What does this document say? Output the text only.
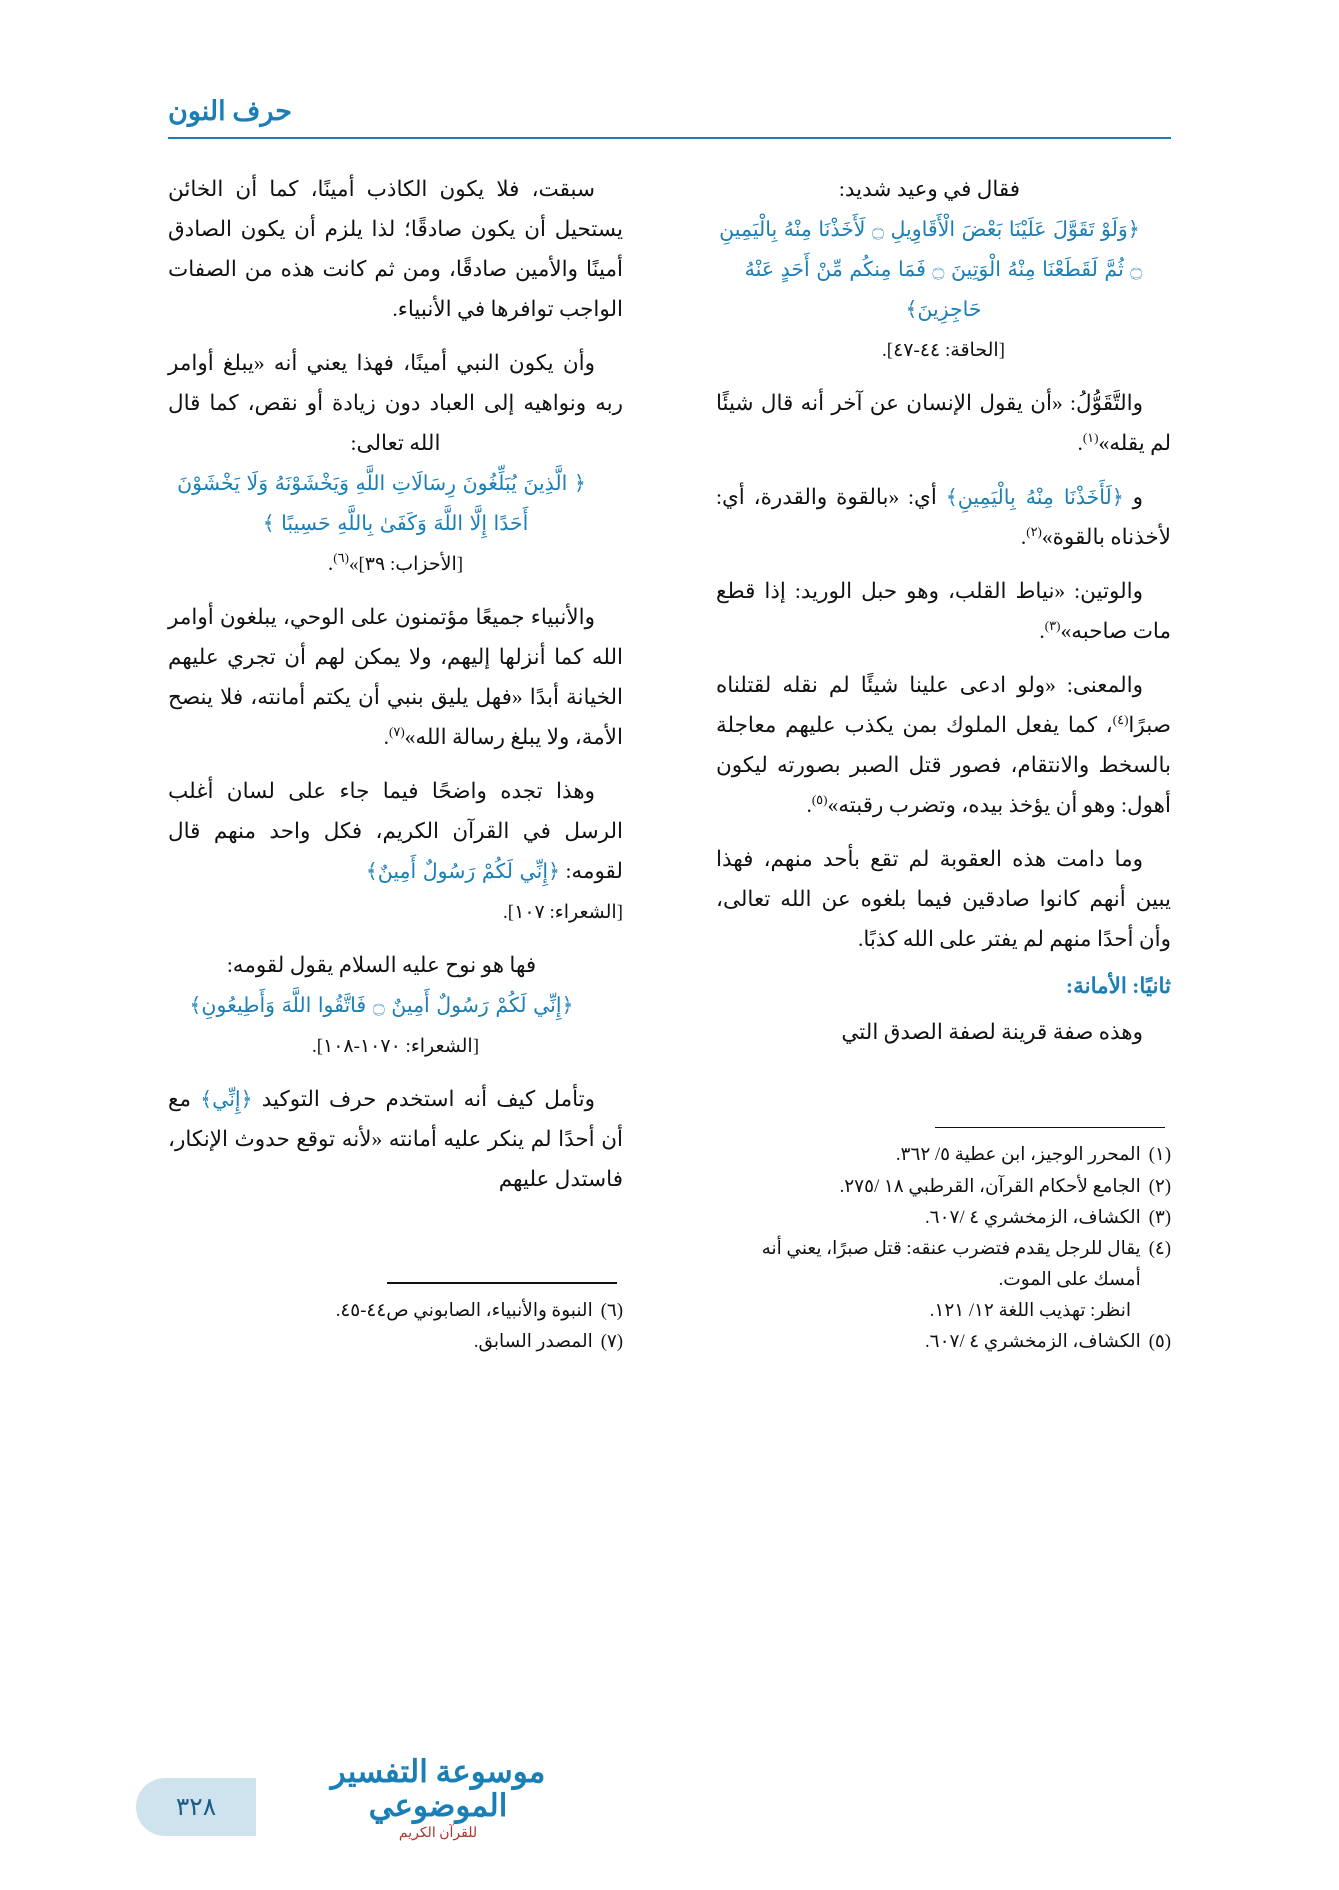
حرف النون

فقال في وعيد شديد:
﴿وَلَوْ تَقَوَّلَ عَلَيْنَا بَعْضَ الْأَقَاوِيلِ ۝ لَأَخَذْنَا مِنْهُ بِالْيَمِينِ ۝ ثُمَّ لَقَطَعْنَا مِنْهُ الْوَتِينَ ۝ فَمَا مِنكُم مِّنْ أَحَدٍ عَنْهُ حَاجِزِينَ﴾
[الحاقة: ٤٤-٤٧].

والتَّقَوُّلُ: «أن يقول الإنسان عن آخر أنه قال شيئًا لم يقله»$^{(١)}$.

و ﴿لَأَخَذْنَا مِنْهُ بِالْيَمِينِ﴾ أي: «بالقوة والقدرة، أي: لأخذناه بالقوة»$^{(٢)}$.

والوتين: «نياط القلب، وهو حبل الوريد: إذا قطع مات صاحبه»$^{(٣)}$.

والمعنى: «ولو ادعى علينا شيئًا لم نقله لقتلناه صبرًا$^{(٤)}$، كما يفعل الملوك بمن يكذب عليهم معاجلة بالسخط والانتقام، فصور قتل الصبر بصورته ليكون أهول: وهو أن يؤخذ بيده، وتضرب رقبته»$^{(٥)}$.

وما دامت هذه العقوبة لم تقع بأحد منهم، فهذا يبين أنهم كانوا صادقين فيما بلغوه عن الله تعالى، وأن أحدًا منهم لم يفتر على الله كذبًا.

ثانيًا: الأمانة:

وهذه صفة قرينة لصفة الصدق التي

(١)
المحرر الوجيز، ابن عطية ٥/ ٣٦٢.

(٢)
الجامع لأحكام القرآن، القرطبي ١٨ /٢٧٥.

(٣)
الكشاف، الزمخشري ٤ /٦٠٧.

(٤)
يقال للرجل يقدم فتضرب عنقه: قتل صبرًا، يعني أنه أمسك على الموت.

انظر: تهذيب اللغة ١٢/ ١٢١.

(٥)
الكشاف، الزمخشري ٤ /٦٠٧.

سبقت، فلا يكون الكاذب أمينًا، كما أن الخائن يستحيل أن يكون صادقًا؛ لذا يلزم أن يكون الصادق أمينًا والأمين صادقًا، ومن ثم كانت هذه من الصفات الواجب توافرها في الأنبياء.

وأن يكون النبي أمينًا، فهذا يعني أنه «يبلغ أوامر ربه ونواهيه إلى العباد دون زيادة أو نقص، كما قال الله تعالى:
﴿ الَّذِينَ يُبَلِّغُونَ رِسَالَاتِ اللَّهِ وَيَخْشَوْنَهُ وَلَا يَخْشَوْنَ أَحَدًا إِلَّا اللَّهَ وَكَفَىٰ بِاللَّهِ حَسِيبًا ﴾
[الأحزاب: ٣٩]»$^{(٦)}$.

والأنبياء جميعًا مؤتمنون على الوحي، يبلغون أوامر الله كما أنزلها إليهم، ولا يمكن لهم أن تجري عليهم الخيانة أبدًا «فهل يليق بنبي أن يكتم أمانته، فلا ينصح الأمة، ولا يبلغ رسالة الله»$^{(٧)}$.

وهذا تجده واضحًا فيما جاء على لسان أغلب الرسل في القرآن الكريم، فكل واحد منهم قال لقومه: ﴿إِنِّي لَكُمْ رَسُولٌ أَمِينٌ﴾
[الشعراء: ١٠٧].

فها هو نوح عليه السلام يقول لقومه:
﴿إِنِّي لَكُمْ رَسُولٌ أَمِينٌ ۝ فَاتَّقُوا اللَّهَ وَأَطِيعُونِ﴾
[الشعراء: ١٠٧٠-١٠٨].

وتأمل كيف أنه استخدم حرف التوكيد ﴿إِنِّي﴾ مع أن أحدًا لم ينكر عليه أمانته «لأنه توقع حدوث الإنكار، فاستدل عليهم

(٦)
النبوة والأنبياء، الصابوني ص٤٤-٤٥.

(٧)
المصدر السابق.

موسوعة التفسير الموضوعي
للقرآن الكريم
٣٢٨
